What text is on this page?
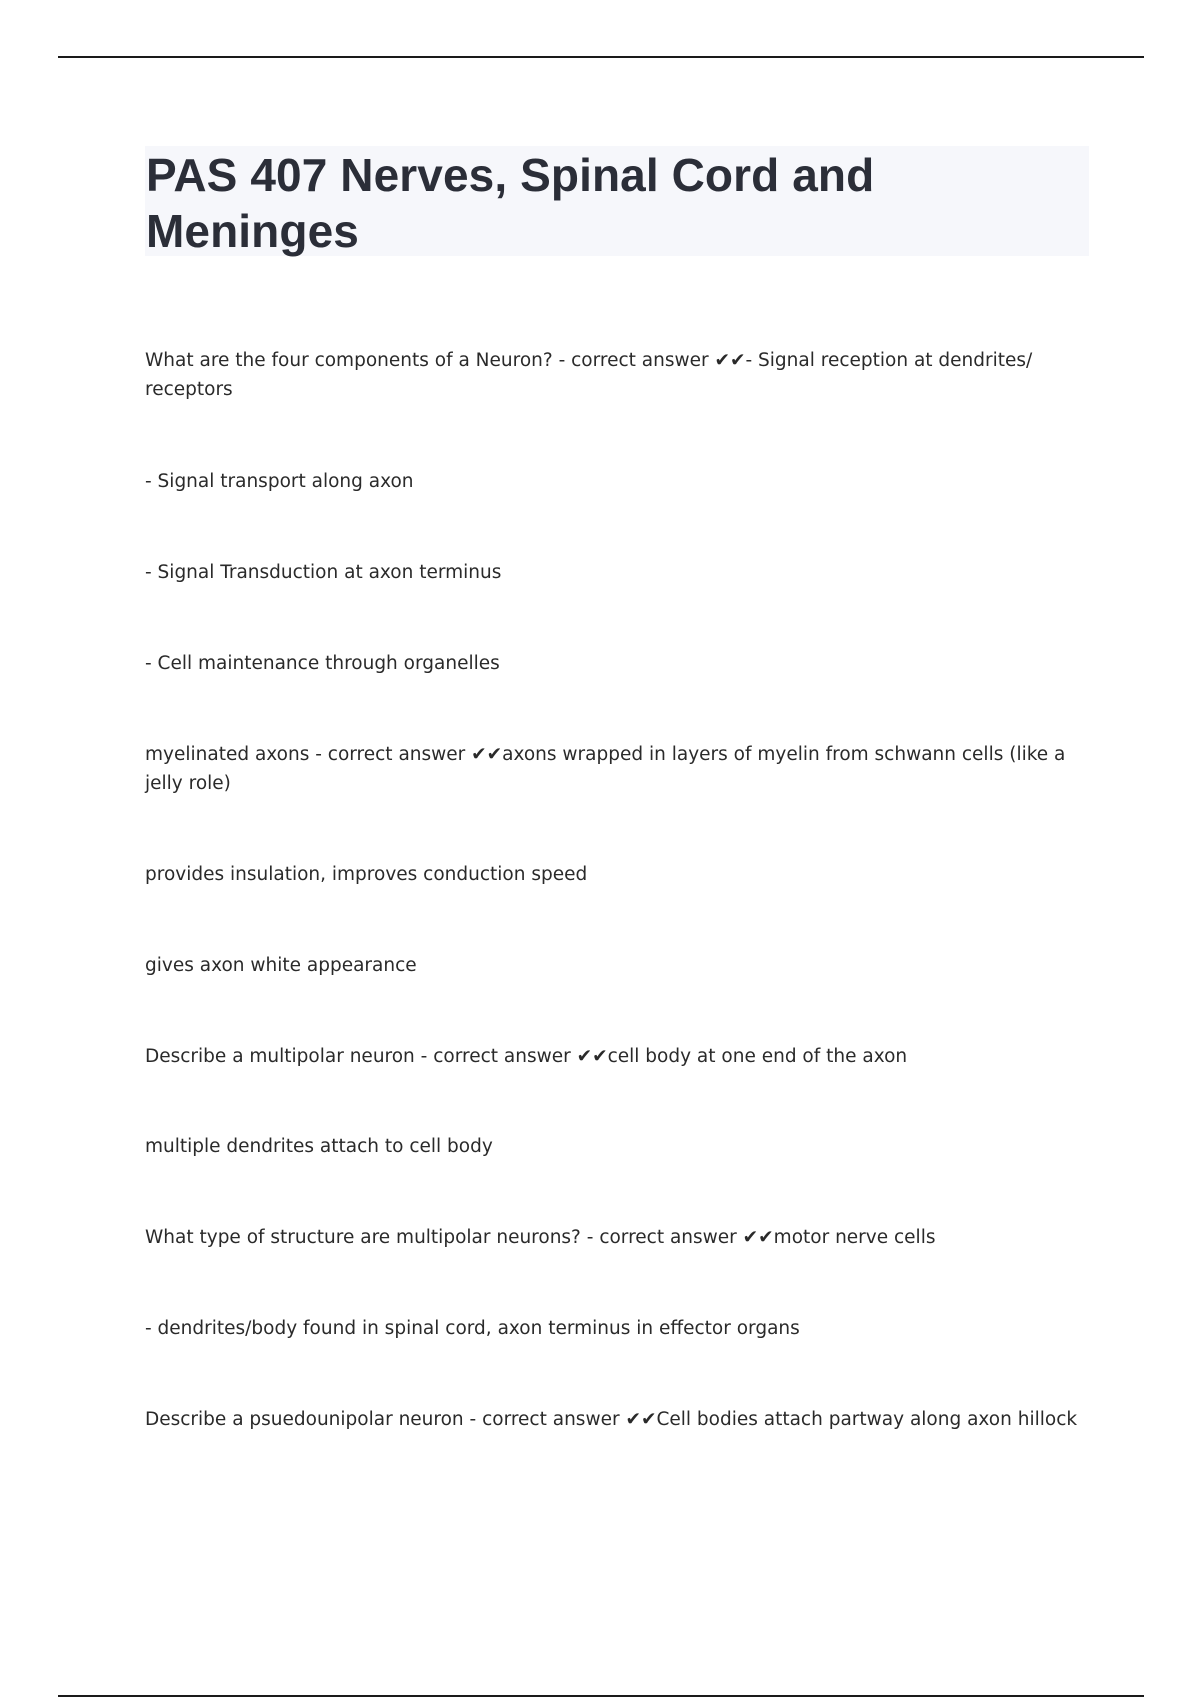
PAS 407 Nerves, Spinal Cord and Meninges

What are the four components of a Neuron? - correct answer ✔✔- Signal reception at dendrites/ receptors

- Signal transport along axon

- Signal Transduction at axon terminus

- Cell maintenance through organelles

myelinated axons - correct answer ✔✔axons wrapped in layers of myelin from schwann cells (like a jelly role)

provides insulation, improves conduction speed

gives axon white appearance

Describe a multipolar neuron - correct answer ✔✔cell body at one end of the axon

multiple dendrites attach to cell body

What type of structure are multipolar neurons? - correct answer ✔✔motor nerve cells

- dendrites/body found in spinal cord, axon terminus in effector organs

Describe a psuedounipolar neuron - correct answer ✔✔Cell bodies attach partway along axon hillock
